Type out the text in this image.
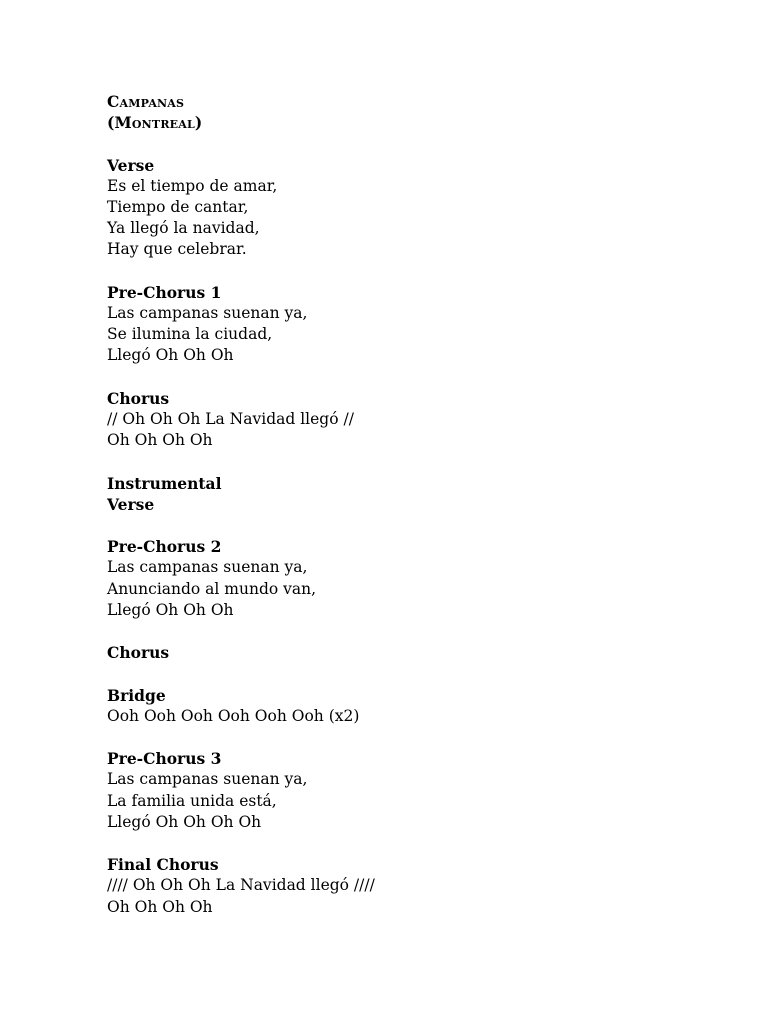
Campanas
(Montreal)
Verse
Es el tiempo de amar,
Tiempo de cantar,
Ya llegó la navidad,
Hay que celebrar.
Pre-Chorus 1
Las campanas suenan ya,
Se ilumina la ciudad,
Llegó Oh Oh Oh
Chorus
// Oh Oh Oh La Navidad llegó //
Oh Oh Oh Oh
Instrumental
Verse
Pre-Chorus 2
Las campanas suenan ya,
Anunciando al mundo van,
Llegó Oh Oh Oh
Chorus
Bridge
Ooh Ooh Ooh Ooh Ooh Ooh (x2)
Pre-Chorus 3
Las campanas suenan ya,
La familia unida está,
Llegó Oh Oh Oh Oh
Final Chorus
//// Oh Oh Oh La Navidad llegó ////
Oh Oh Oh Oh
